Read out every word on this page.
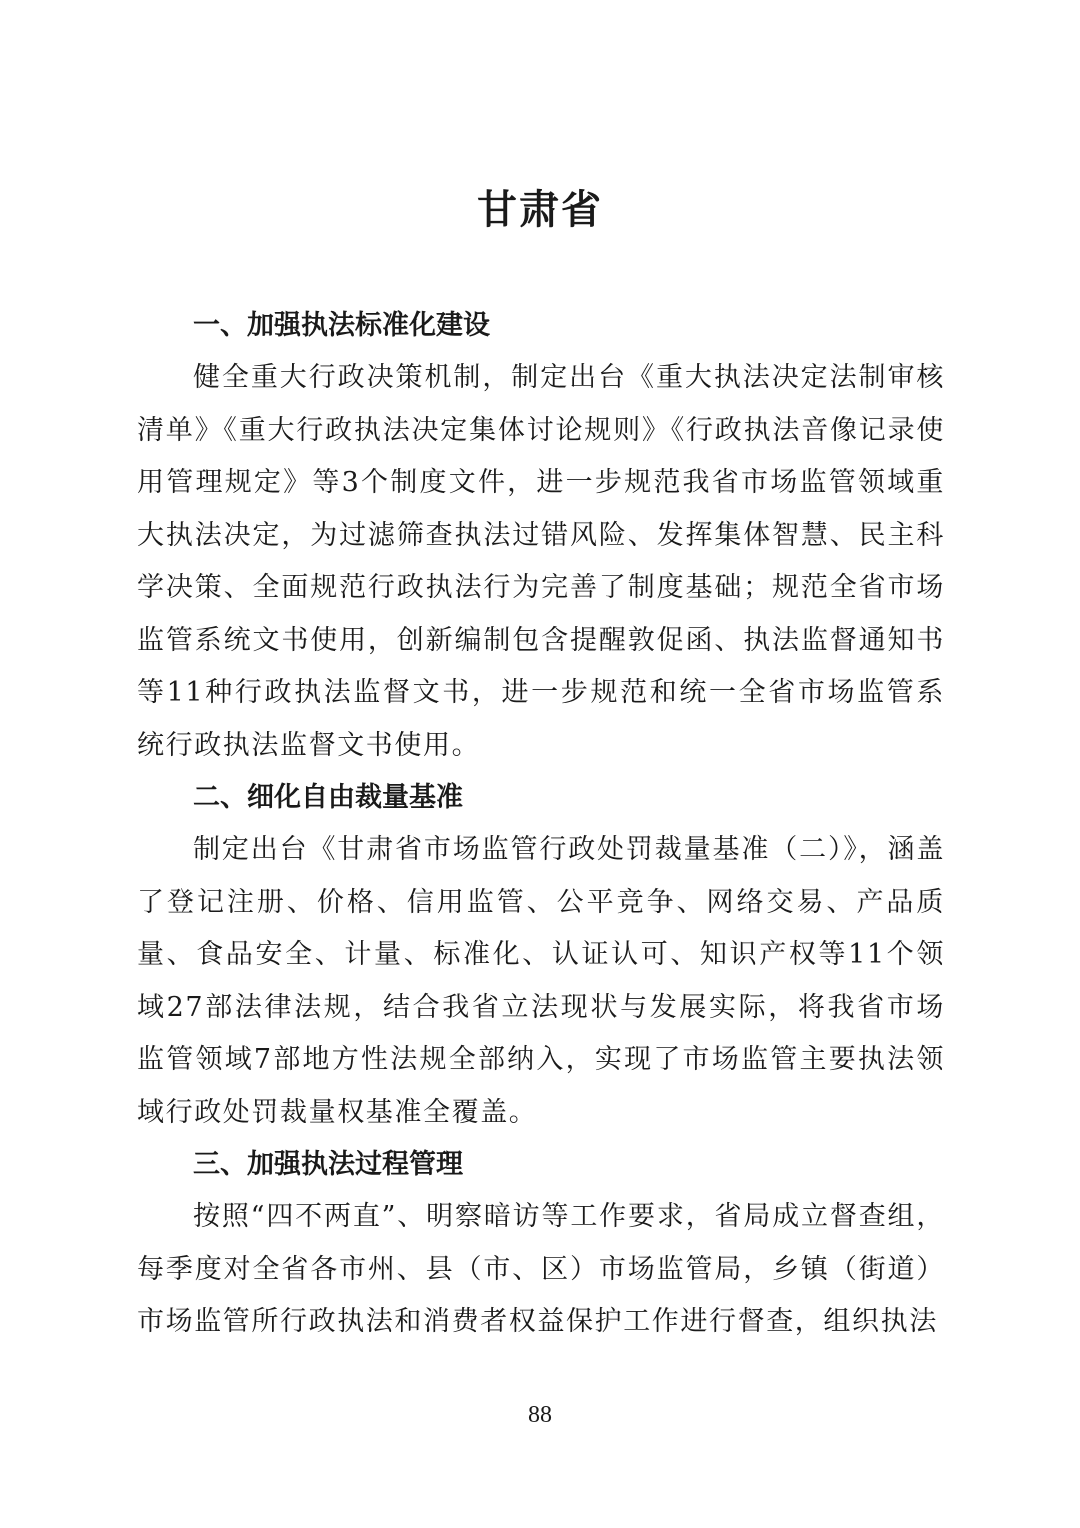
甘肃省
一、加强执法标准化建设

健全重大行政决策机制，制定出台《重大执法决定法制审核清单》《重大行政执法决定集体讨论规则》《行政执法音像记录使用管理规定》等3个制度文件，进一步规范我省市场监管领域重大执法决定，为过滤筛查执法过错风险、发挥集体智慧、民主科学决策、全面规范行政执法行为完善了制度基础；规范全省市场监管系统文书使用，创新编制包含提醒敦促函、执法监督通知书等11种行政执法监督文书，进一步规范和统一全省市场监管系统行政执法监督文书使用。

二、细化自由裁量基准

制定出台《甘肃省市场监管行政处罚裁量基准（二）》，涵盖了登记注册、价格、信用监管、公平竞争、网络交易、产品质量、食品安全、计量、标准化、认证认可、知识产权等11个领域27部法律法规，结合我省立法现状与发展实际，将我省市场监管领域7部地方性法规全部纳入，实现了市场监管主要执法领域行政处罚裁量权基准全覆盖。

三、加强执法过程管理

按照“四不两直”、明察暗访等工作要求，省局成立督查组，每季度对全省各市州、县（市、区）市场监管局，乡镇（街道）市场监管所行政执法和消费者权益保护工作进行督查，组织执法

88
